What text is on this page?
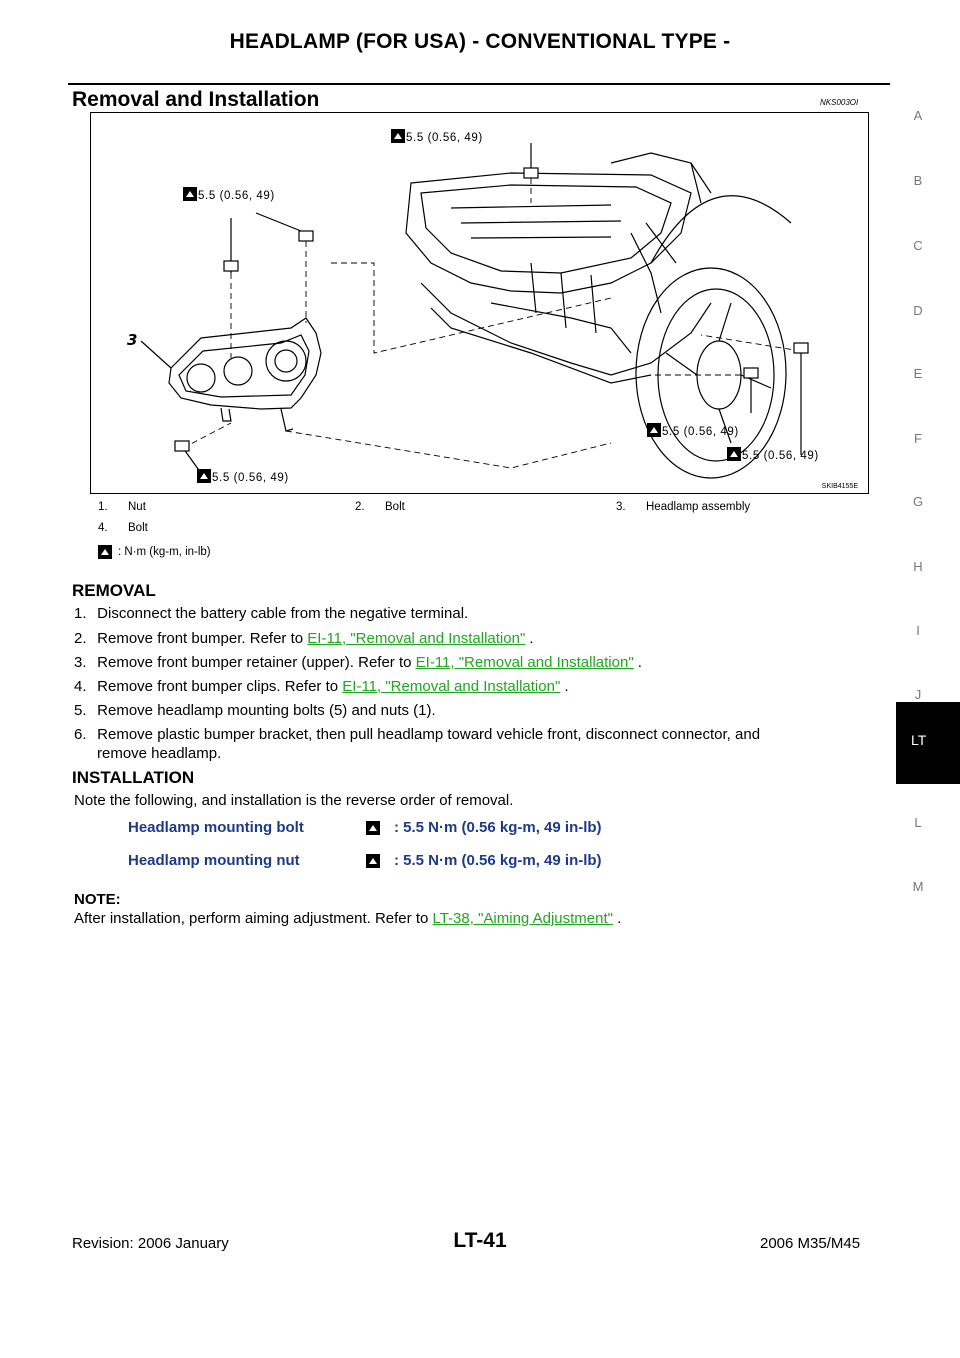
HEADLAMP (FOR USA) - CONVENTIONAL TYPE -
Removal and Installation	NKS003OI
5.5 (0.56, 49)
5.5 (0.56, 49)
3
5.5 (0.56, 49)
5.5 (0.56, 49)
5.5 (0.56, 49)
SKIB4155E
1. Nut	2. Bolt	3. Headlamp assembly
4. Bolt
: N·m (kg-m, in-lb)
REMOVAL
1. Disconnect the battery cable from the negative terminal.
2. Remove front bumper. Refer to EI-11, "Removal and Installation" .
3. Remove front bumper retainer (upper). Refer to EI-11, "Removal and Installation" .
4. Remove front bumper clips. Refer to EI-11, "Removal and Installation" .
5. Remove headlamp mounting bolts (5) and nuts (1).
6. Remove plastic bumper bracket, then pull headlamp toward vehicle front, disconnect connector, and
remove headlamp.
INSTALLATION
Note the following, and installation is the reverse order of removal.
Headlamp mounting bolt	: 5.5 N·m (0.56 kg-m, 49 in-lb)
Headlamp mounting nut	: 5.5 N·m (0.56 kg-m, 49 in-lb)
NOTE:
After installation, perform aiming adjustment. Refer to LT-38, "Aiming Adjustment" .
A
B
C
D
E
F
G
H
I
J
LT
L
M
Revision: 2006 January	LT-41	2006 M35/M45
